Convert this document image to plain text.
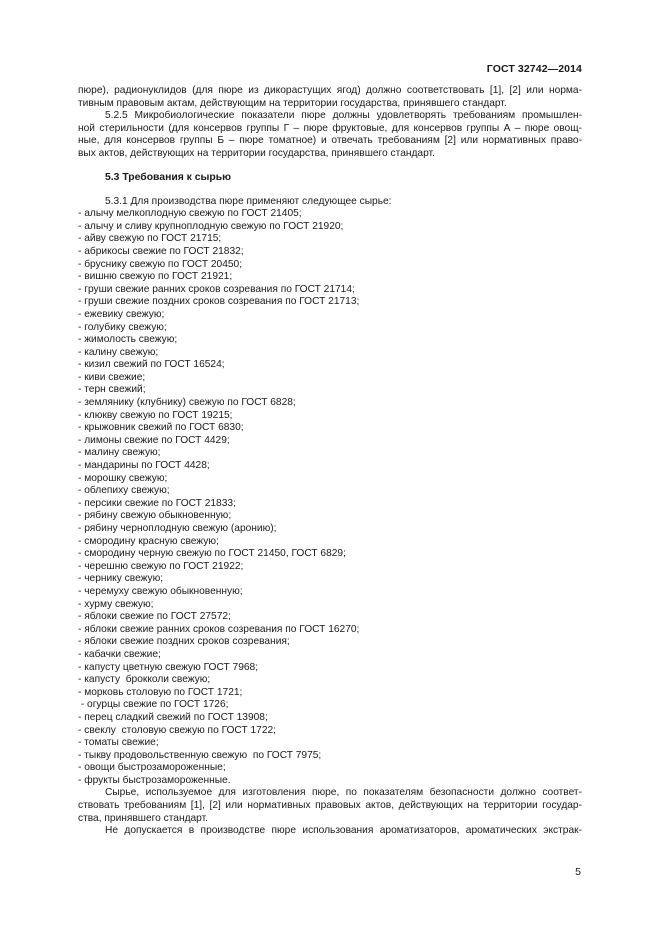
ГОСТ 32742—2014
пюре), радионуклидов (для пюре из дикорастущих ягод) должно соответствовать [1], [2] или норма-
тивным правовым актам, действующим на территории государства, принявшего стандарт.
5.2.5 Микробиологические показатели пюре должны удовлетворять требованиям промышлен-
ной стерильности (для консервов группы Г – пюре фруктовые, для консервов группы А – пюре овощ-
ные, для консервов группы Б – пюре томатное) и отвечать требованиям [2] или нормативных право-
вых актов, действующих на территории государства, принявшего стандарт.
5.3 Требования к сырью
5.3.1 Для производства пюре применяют следующее сырье:
- алычу мелкоплодную свежую по ГОСТ 21405;
- алычу и сливу крупноплодную свежую по ГОСТ 21920;
- айву свежую по ГОСТ 21715;
- абрикосы свежие по ГОСТ 21832;
- бруснику свежую по ГОСТ 20450;
- вишню свежую по ГОСТ 21921;
- груши свежие ранних сроков созревания по ГОСТ 21714;
- груши свежие поздних сроков созревания по ГОСТ 21713;
- ежевику свежую;
- голубику свежую;
- жимолость свежую;
- калину свежую;
- кизил свежий по ГОСТ 16524;
- киви свежие;
- терн свежий;
- землянику (клубнику) свежую по ГОСТ 6828;
- клюкву свежую по ГОСТ 19215;
- крыжовник свежий по ГОСТ 6830;
- лимоны свежие по ГОСТ 4429;
- малину свежую;
- мандарины по ГОСТ 4428;
- морошку свежую;
- облепиху свежую;
- персики свежие по ГОСТ 21833;
- рябину свежую обыкновенную;
- рябину черноплодную свежую (аронию);
- смородину красную свежую;
- смородину черную свежую по ГОСТ 21450, ГОСТ 6829;
- черешню свежую по ГОСТ 21922;
- чернику свежую;
- черемуху свежую обыкновенную;
- хурму свежую;
- яблоки свежие по ГОСТ 27572;
- яблоки свежие ранних сроков созревания по ГОСТ 16270;
- яблоки свежие поздних сроков созревания;
- кабачки свежие;
- капусту цветную свежую ГОСТ 7968;
- капусту  брокколи свежую;
- морковь столовую по ГОСТ 1721;
- огурцы свежие по ГОСТ 1726;
- перец сладкий свежий по ГОСТ 13908;
- свеклу  столовую свежую по ГОСТ 1722;
- томаты свежие;
- тыкву продовольственную свежую  по ГОСТ 7975;
- овощи быстрозамороженные;
- фрукты быстрозамороженные.
Сырье, используемое для изготовления пюре, по показателям безопасности должно соответ-
ствовать требованиям [1], [2] или нормативных правовых актов, действующих на территории государ-
ства, принявшего стандарт.
Не допускается в производстве пюре использования ароматизаторов, ароматических экстрак-
5
